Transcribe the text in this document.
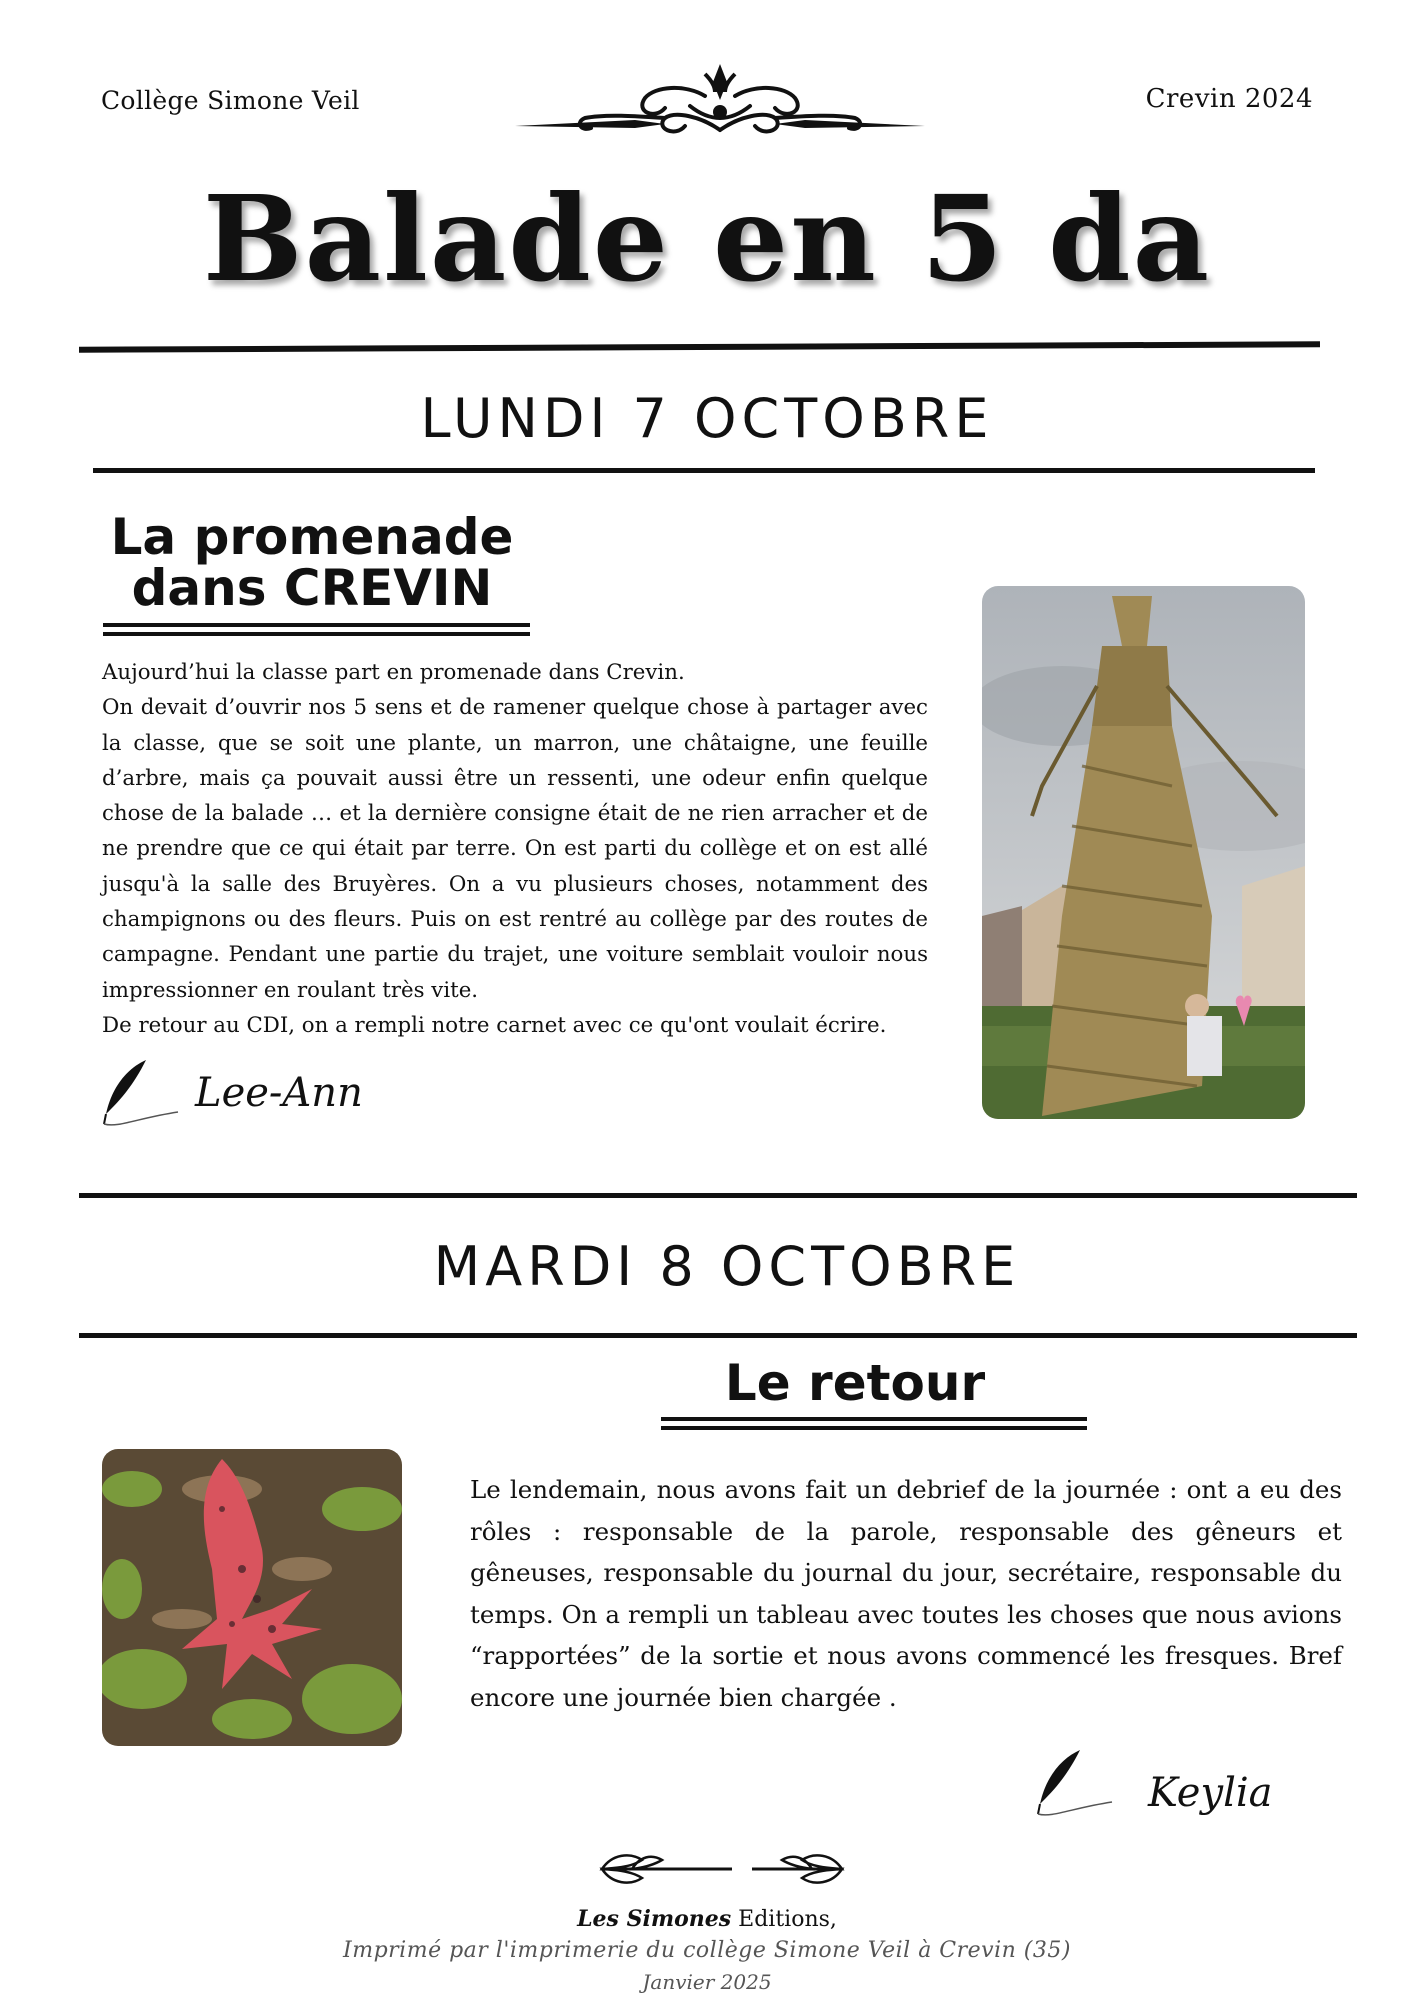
Collège Simone Veil	Crevin 2024
Balade en 5 da
LUNDI 7 OCTOBRE
La promenade
dans CREVIN

Aujourd’hui la classe part en promenade dans Crevin.

On devait d’ouvrir nos 5 sens et de ramener quelque chose à partager avec la classe, que se soit une plante, un marron, une châtaigne, une feuille d’arbre, mais ça pouvait aussi être un ressenti, une odeur enfin quelque chose de la balade … et la dernière consigne était de ne rien arracher et de ne prendre que ce qui était par terre. On est parti du collège et on est allé jusqu'à la salle des Bruyères. On a vu plusieurs choses, notamment des champignons ou des fleurs. Puis on est rentré au collège par des routes de campagne. Pendant une partie du trajet, une voiture semblait vouloir nous impressionner en roulant très vite.

De retour au CDI, on a rempli notre carnet avec ce qu'ont voulait écrire.

Lee-Ann
MARDI 8 OCTOBRE
Le retour

Le lendemain, nous avons fait un debrief de la journée : ont a eu des rôles : responsable de la parole, responsable des gêneurs et gêneuses, responsable du journal du jour, secrétaire, responsable du temps. On a rempli un tableau avec toutes les choses que nous avions “rapportées” de la sortie et nous avons commencé les fresques. Bref encore une journée bien chargée .

Keylia
Les Simones Editions,
Imprimé par l'imprimerie du collège Simone Veil à Crevin (35)
Janvier 2025
